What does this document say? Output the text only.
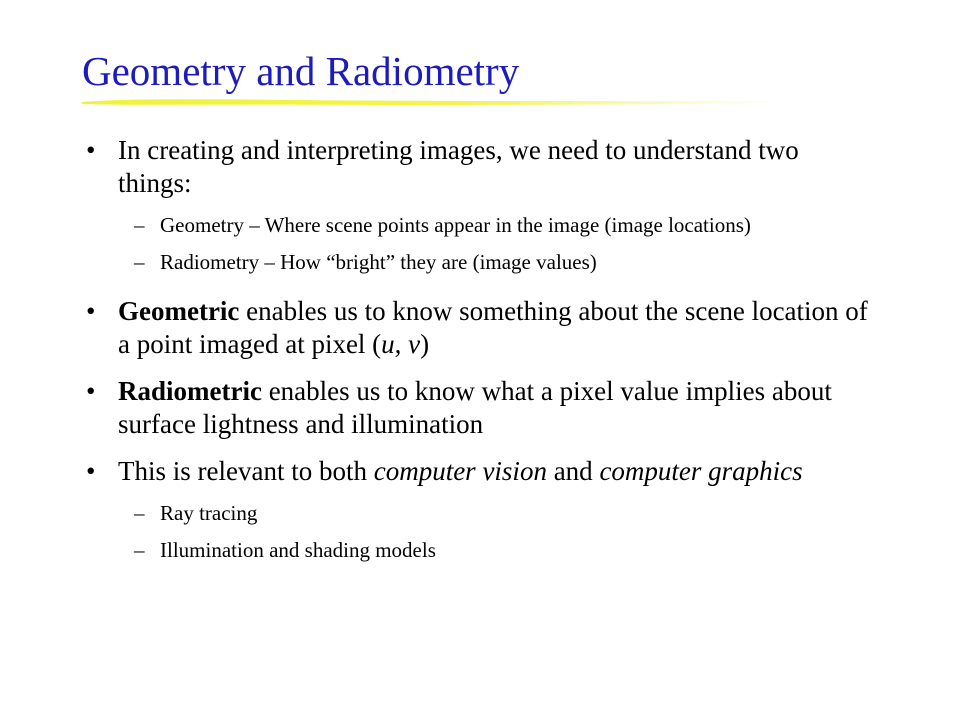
Geometry and Radiometry
• In creating and interpreting images, we need to understand two things:
– Geometry – Where scene points appear in the image (image locations)
– Radiometry – How “bright” they are (image values)
• Geometric enables us to know something about the scene location of a point imaged at pixel (u, v)
• Radiometric enables us to know what a pixel value implies about surface lightness and illumination
• This is relevant to both computer vision and computer graphics
– Ray tracing
– Illumination and shading models
